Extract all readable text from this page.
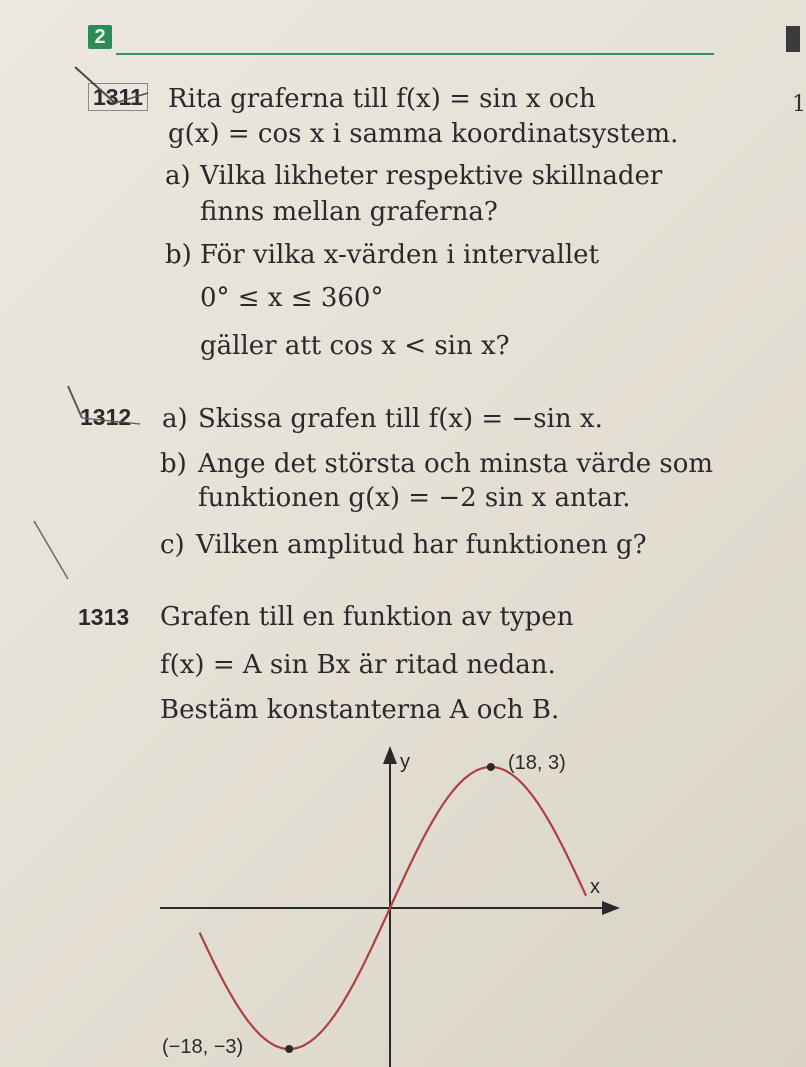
2
1
1311 Rita graferna till f(x) = sin x och
g(x) = cos x i samma koordinatsystem.
a) Vilka likheter respektive skillnader
finns mellan graferna?
b) För vilka x-värden i intervallet
0° ≤ x ≤ 360°
gäller att cos x < sin x?
1312 a) Skissa grafen till f(x) = −sin x.
b) Ange det största och minsta värde som
funktionen g(x) = −2 sin x antar.
c) Vilken amplitud har funktionen g?
1313 Grafen till en funktion av typen
f(x) = A sin Bx är ritad nedan.
Bestäm konstanterna A och B.
x
y	(18, 3)
(−18, −3)
